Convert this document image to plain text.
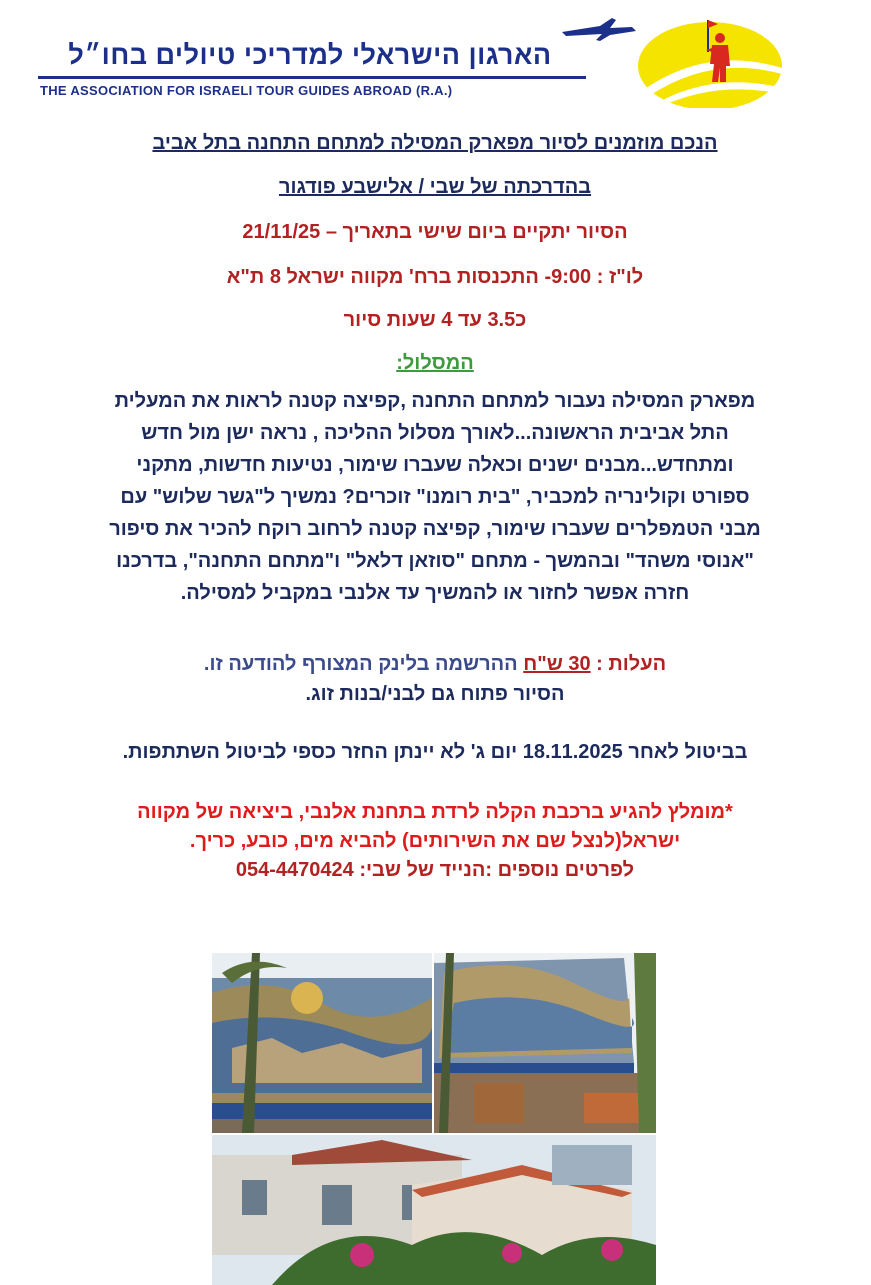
הארגון הישראלי למדריכי טיולים בחו״ל
THE ASSOCIATION FOR ISRAELI TOUR GUIDES ABROAD (R.A.)
הנכם מוזמנים לסיור מפארק המסילה למתחם התחנה בתל אביב
בהדרכתה של שבי / אלישבע פודגור
הסיור יתקיים ביום שישי בתאריך – 21/11/25
לו"ז : 9:00- התכנסות ברח' מקווה ישראל 8 ת"א
כ3.5 עד 4 שעות סיור
המסלול:
מפארק המסילה נעבור למתחם התחנה ,קפיצה קטנה לראות את המעלית
התל אביבית הראשונה...לאורך מסלול ההליכה , נראה ישן מול חדש
ומתחדש...מבנים ישנים וכאלה שעברו שימור, נטיעות חדשות, מתקני
ספורט וקולינריה למכביר, "בית רומנו" זוכרים? נמשיך ל"גשר שלוש" עם
מבני הטמפלרים שעברו שימור, קפיצה קטנה לרחוב רוקח להכיר את סיפור
"אנוסי משהד" ובהמשך - מתחם "סוזאן דלאל" ו"מתחם התחנה", בדרכנו
חזרה אפשר לחזור או להמשיך עד אלנבי במקביל למסילה.
העלות : 30 ש"ח ההרשמה בלינק המצורף להודעה זו.
הסיור פתוח גם לבני/בנות זוג.
בביטול לאחר 18.11.2025 יום ג' לא יינתן החזר כספי לביטול השתתפות.
*מומלץ להגיע ברכבת הקלה לרדת בתחנת אלנבי, ביציאה של מקווה
ישראל(לנצל שם את השירותים) להביא מים, כובע, כריך.
לפרטים נוספים :הנייד של שבי: 054-4470424
